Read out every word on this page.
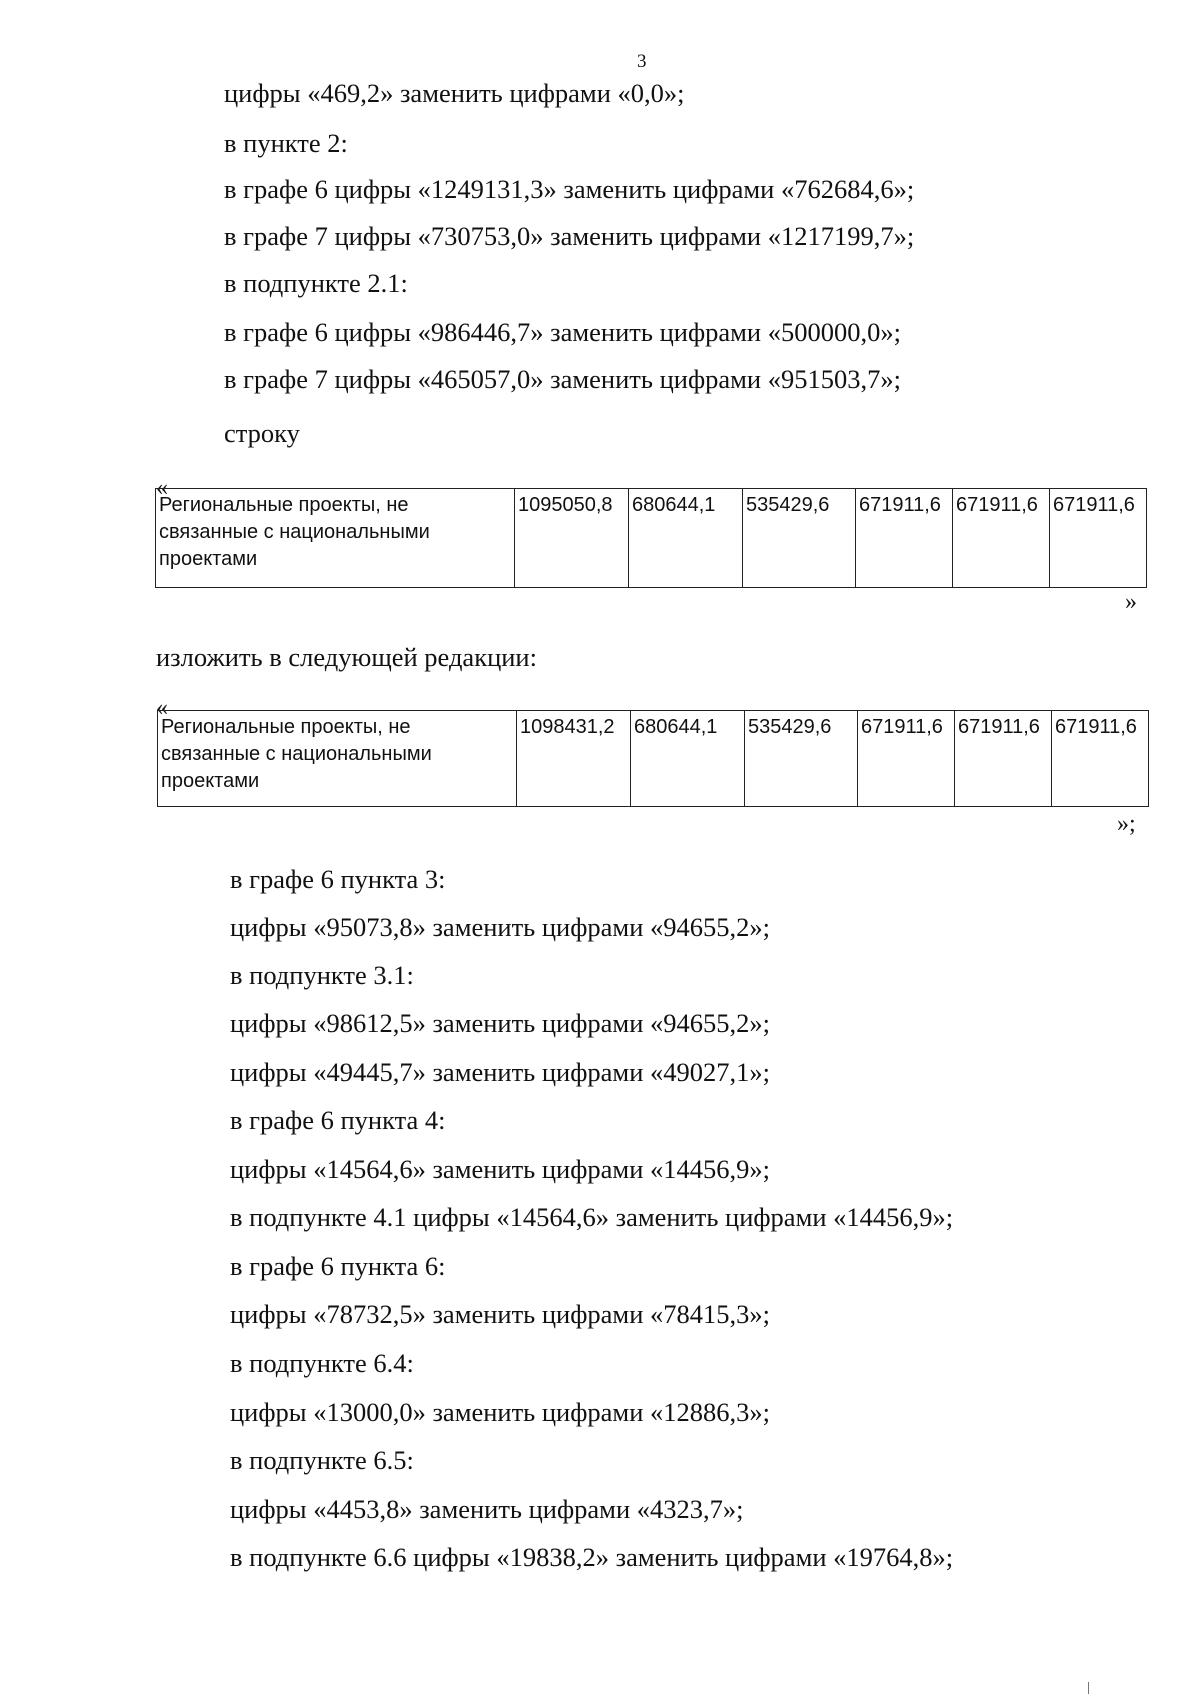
3
цифры «469,2» заменить цифрами «0,0»;
в пункте 2:
в графе 6 цифры «1249131,3» заменить цифрами «762684,6»;
в графе 7 цифры «730753,0» заменить цифрами «1217199,7»;
в подпункте 2.1:
в графе 6 цифры «986446,7» заменить цифрами «500000,0»;
в графе 7 цифры «465057,0» заменить цифрами «951503,7»;
строку
«
Региональные проекты, не
связанные с национальными
проектами
	1095050,8	680644,1	535429,6	671911,6	671911,6	671911,6
»
изложить в следующей редакции:
«
Региональные проекты, не
связанные с национальными
проектами
	1098431,2	680644,1	535429,6	671911,6	671911,6	671911,6
»;
в графе 6 пункта 3:
цифры «95073,8» заменить цифрами «94655,2»;
в подпункте 3.1:
цифры «98612,5» заменить цифрами «94655,2»;
цифры «49445,7» заменить цифрами «49027,1»;
в графе 6 пункта 4:
цифры «14564,6» заменить цифрами «14456,9»;
в подпункте 4.1 цифры «14564,6» заменить цифрами «14456,9»;
в графе 6 пункта 6:
цифры «78732,5» заменить цифрами «78415,3»;
в подпункте 6.4:
цифры «13000,0» заменить цифрами «12886,3»;
в подпункте 6.5:
цифры «4453,8» заменить цифрами «4323,7»;
в подпункте 6.6 цифры «19838,2» заменить цифрами «19764,8»;
